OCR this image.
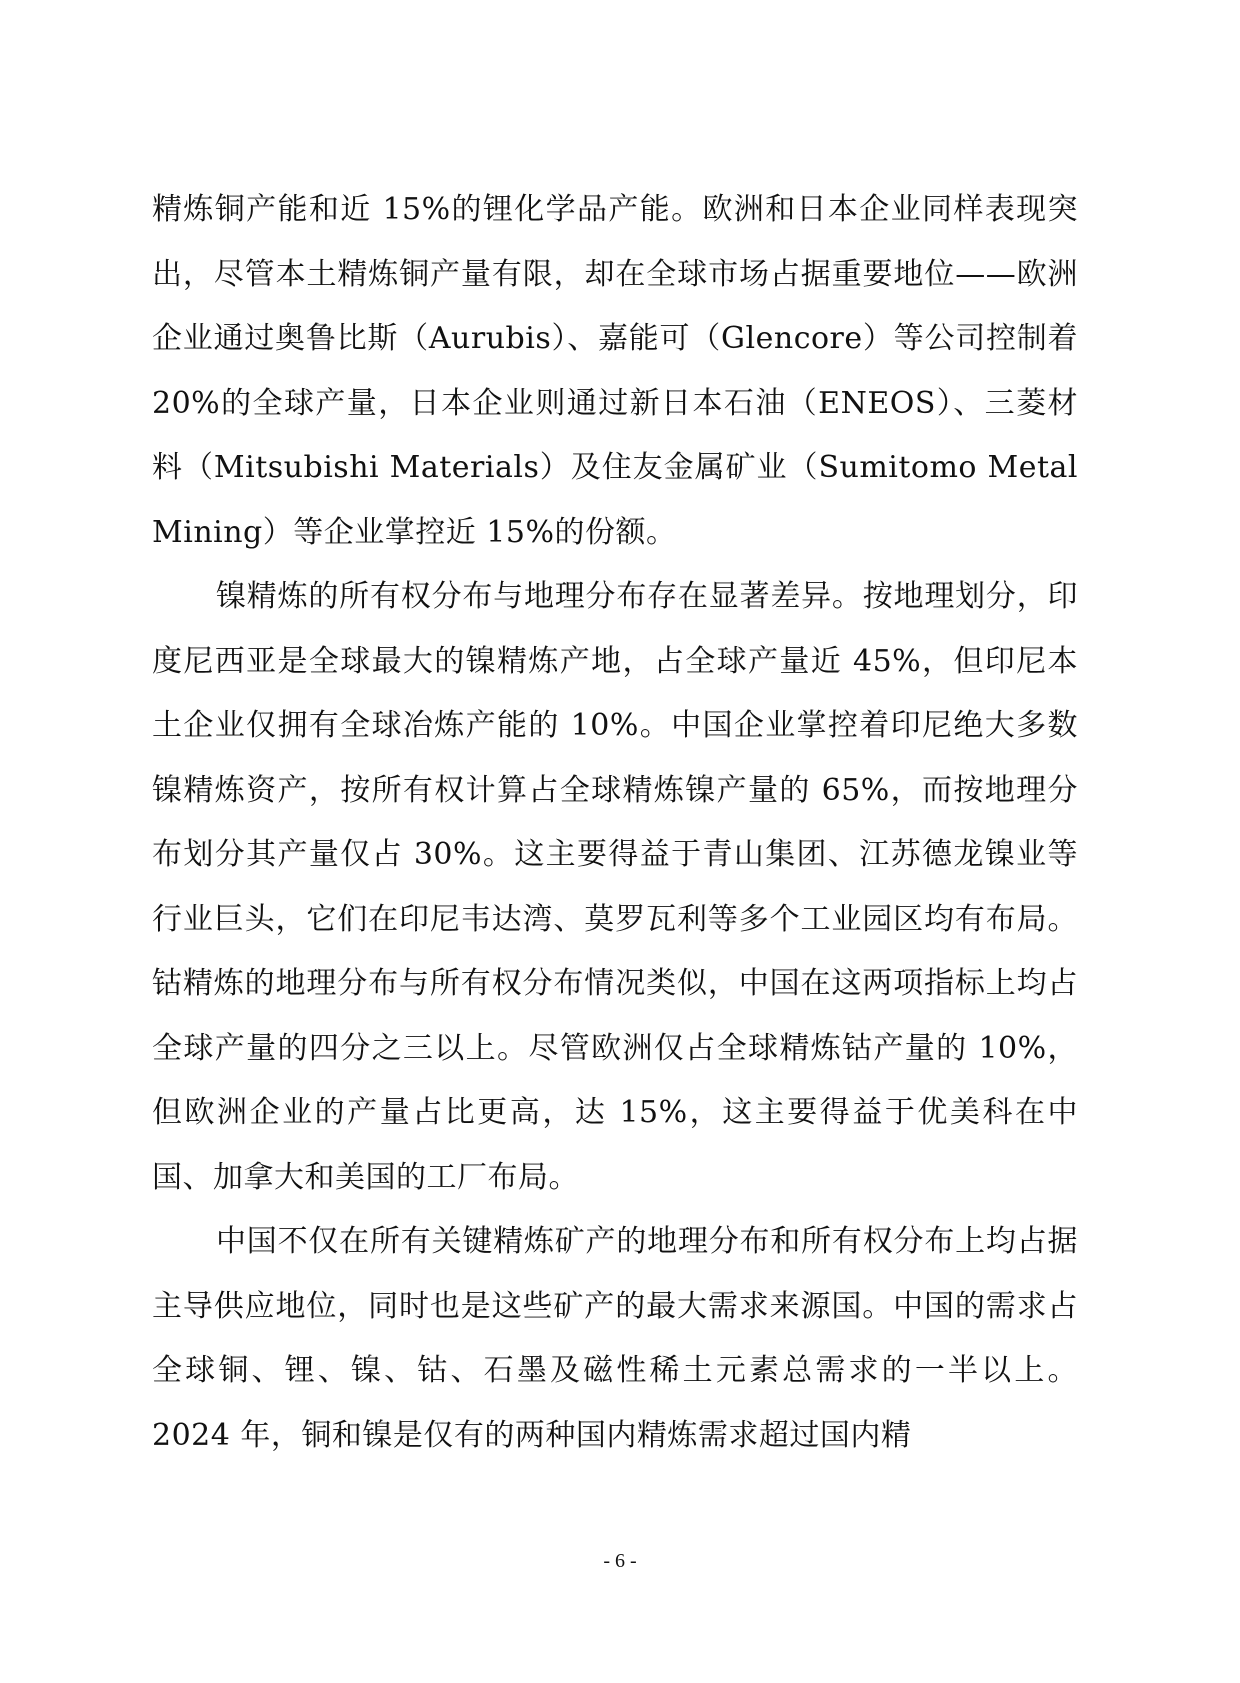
精炼铜产能和近 15%的锂化学品产能。欧洲和日本企业同样表现突出，尽管本土精炼铜产量有限，却在全球市场占据重要地位——欧洲企业通过奥鲁比斯（Aurubis）、嘉能可（Glencore）等公司控制着 20%的全球产量，日本企业则通过新日本石油（ENEOS）、三菱材料（Mitsubishi Materials）及住友金属矿业（Sumitomo Metal Mining）等企业掌控近 15%的份额。

镍精炼的所有权分布与地理分布存在显著差异。按地理划分，印度尼西亚是全球最大的镍精炼产地，占全球产量近 45%，但印尼本土企业仅拥有全球冶炼产能的 10%。中国企业掌控着印尼绝大多数镍精炼资产，按所有权计算占全球精炼镍产量的 65%，而按地理分布划分其产量仅占 30%。这主要得益于青山集团、江苏德龙镍业等行业巨头，它们在印尼韦达湾、莫罗瓦利等多个工业园区均有布局。钴精炼的地理分布与所有权分布情况类似，中国在这两项指标上均占全球产量的四分之三以上。尽管欧洲仅占全球精炼钴产量的 10%，但欧洲企业的产量占比更高，达 15%，这主要得益于优美科在中国、加拿大和美国的工厂布局。

中国不仅在所有关键精炼矿产的地理分布和所有权分布上均占据主导供应地位，同时也是这些矿产的最大需求来源国。中国的需求占全球铜、锂、镍、钴、石墨及磁性稀土元素总需求的一半以上。2024 年，铜和镍是仅有的两种国内精炼需求超过国内精

- 6 -
